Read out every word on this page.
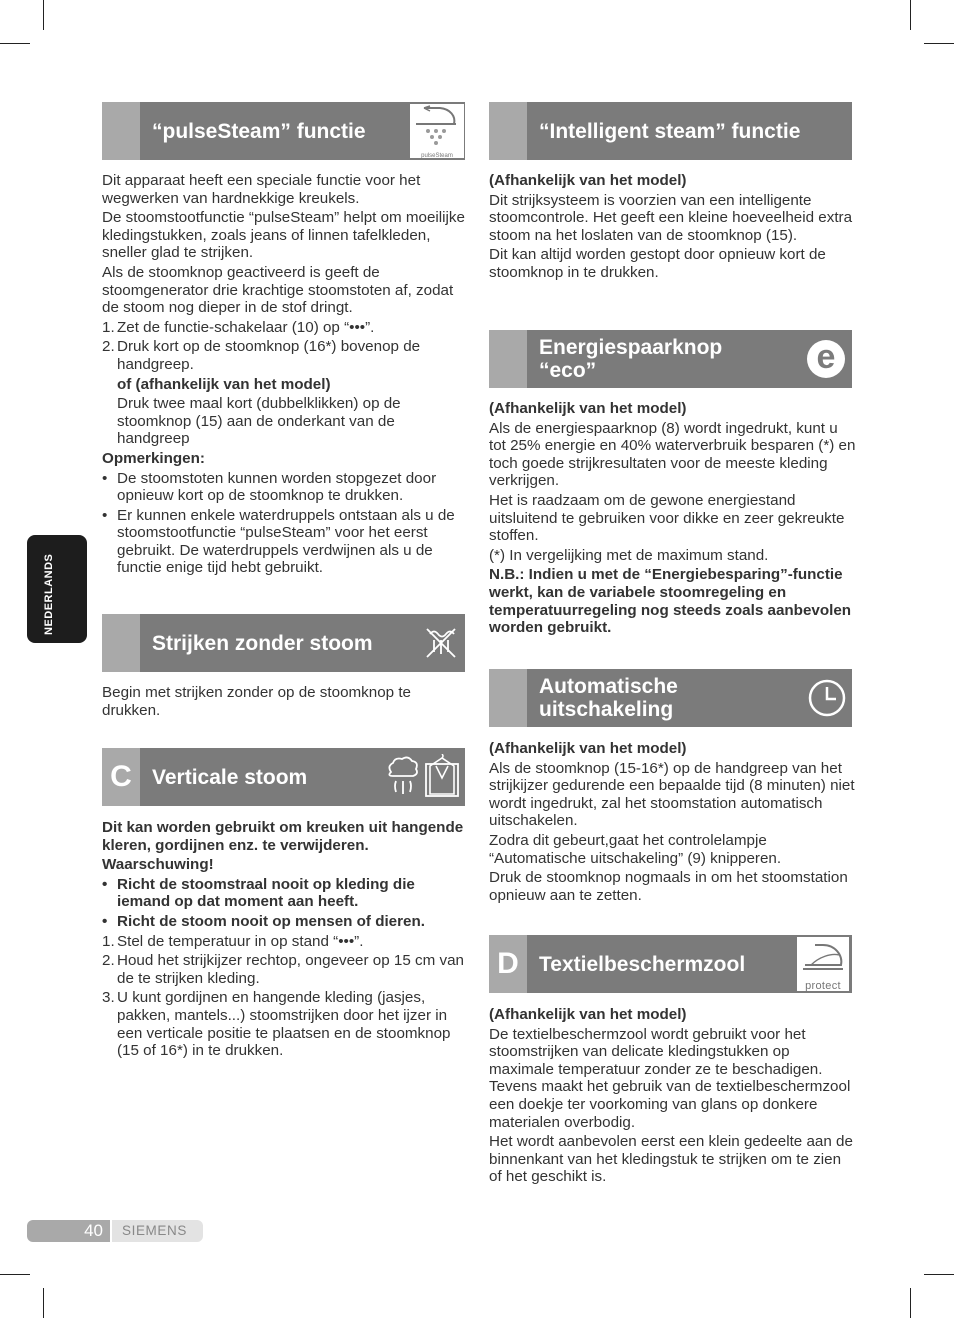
NEDERLANDS
“pulseSteam” functie
pulseSteam

Dit apparaat heeft een speciale functie voor het wegwerken van hardnekkige kreukels.

De stoomstootfunctie “pulseSteam” helpt om moeilijke kledingstukken, zoals jeans of linnen tafelkleden, sneller glad te strijken.

Als de stoomknop geactiveerd is geeft de stoomgenerator drie krachtige stoomstoten af, zodat de stoom nog dieper in de stof dringt.

1. Zet de functie-schakelaar (10) op “•••”.
2. Druk kort op de stoomknop (16*) bovenop de handgreep.
of (afhankelijk van het model)
Druk twee maal kort (dubbelklikken) op de stoomknop (15) aan de onderkant van de handgreep

Opmerkingen:

• De stoomstoten kunnen worden stopgezet door opnieuw kort op de stoomknop te drukken.
• Er kunnen enkele waterdruppels ontstaan als u de stoomstootfunctie “pulseSteam” voor het eerst gebruikt. De waterdruppels verdwijnen als u de functie enige tijd hebt gebruikt.
Strijken zonder stoom

Begin met strijken zonder op de stoomknop te drukken.

C Verticale stoom

Dit kan worden gebruikt om kreuken uit hangende kleren, gordijnen enz. te verwijderen.

Waarschuwing!

• Richt de stoomstraal nooit op kleding die iemand op dat moment aan heeft.
• Richt de stoom nooit op mensen of dieren.
1. Stel de temperatuur in op stand “•••”.
2. Houd het strijkijzer rechtop, ongeveer op 15 cm van de te strijken kleding.
3. U kunt gordijnen en hangende kleding (jasjes, pakken, mantels...) stoomstrijken door het ijzer in een verticale positie te plaatsen en de stoomknop (15 of 16*) in te drukken.
“Intelligent steam” functie

(Afhankelijk van het model)

Dit strijksysteem is voorzien van een intelligente stoomcontrole. Het geeft een kleine hoeveelheid extra stoom na het loslaten van de stoomknop (15).

Dit kan altijd worden gestopt door opnieuw kort de stoomknop in te drukken.

Energiespaarknop
“eco”	e

(Afhankelijk van het model)

Als de energiespaarknop (8) wordt ingedrukt, kunt u tot 25% energie en 40% waterverbruik besparen (*) en toch goede strijkresultaten voor de meeste kleding verkrijgen.

Het is raadzaam om de gewone energiestand uitsluitend te gebruiken voor dikke en zeer gekreukte stoffen.

(*) In vergelijking met de maximum stand.

N.B.: Indien u met de “Energiebesparing”-functie werkt, kan de variabele stoomregeling en temperatuurregeling nog steeds zoals aanbevolen worden gebruikt.

Automatische
uitschakeling

(Afhankelijk van het model)

Als de stoomknop (15-16*) op de handgreep van het strijkijzer gedurende een bepaalde tijd (8 minuten) niet wordt ingedrukt, zal het stoomstation automatisch uitschakelen.

Zodra dit gebeurt,gaat het controlelampje “Automatische uitschakeling” (9) knipperen.

Druk de stoomknop nogmaals in om het stoomstation opnieuw aan te zetten.

D Textielbeschermzool
protect

(Afhankelijk van het model)

De textielbeschermzool wordt gebruikt voor het stoomstrijken van delicate kledingstukken op maximale temperatuur zonder ze te beschadigen. Tevens maakt het gebruik van de textielbeschermzool een doekje ter voorkoming van glans op donkere materialen overbodig.

Het wordt aanbevolen eerst een klein gedeelte aan de binnenkant van het kledingstuk te strijken om te zien of het geschikt is.

40	SIEMENS
